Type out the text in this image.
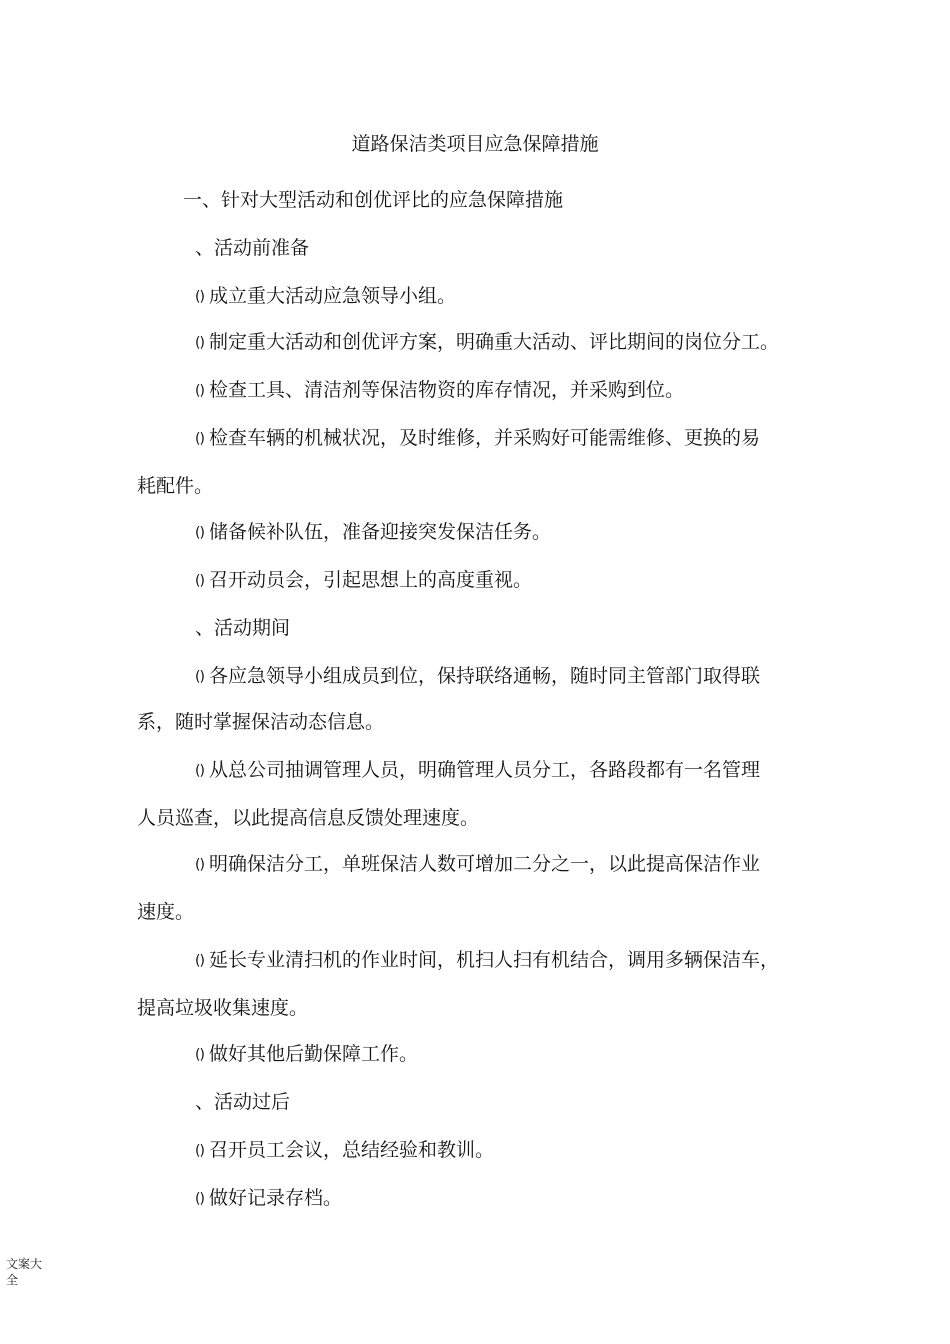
道路保洁类项目应急保障措施
一、针对大型活动和创优评比的应急保障措施
、活动前准备
() 成立重大活动应急领导小组。
() 制定重大活动和创优评方案，明确重大活动、评比期间的岗位分工。
() 检查工具、清洁剂等保洁物资的库存情况，并采购到位。
() 检查车辆的机械状况，及时维修，并采购好可能需维修、更换的易
耗配件。
() 储备候补队伍，准备迎接突发保洁任务。
() 召开动员会，引起思想上的高度重视。
、活动期间
() 各应急领导小组成员到位，保持联络通畅，随时同主管部门取得联
系，随时掌握保洁动态信息。
() 从总公司抽调管理人员，明确管理人员分工，各路段都有一名管理
人员巡查，以此提高信息反馈处理速度。
() 明确保洁分工，单班保洁人数可增加二分之一，以此提高保洁作业
速度。
() 延长专业清扫机的作业时间，机扫人扫有机结合，调用多辆保洁车，
提高垃圾收集速度。
() 做好其他后勤保障工作。
、活动过后
() 召开员工会议，总结经验和教训。
() 做好记录存档。
文案大
全
